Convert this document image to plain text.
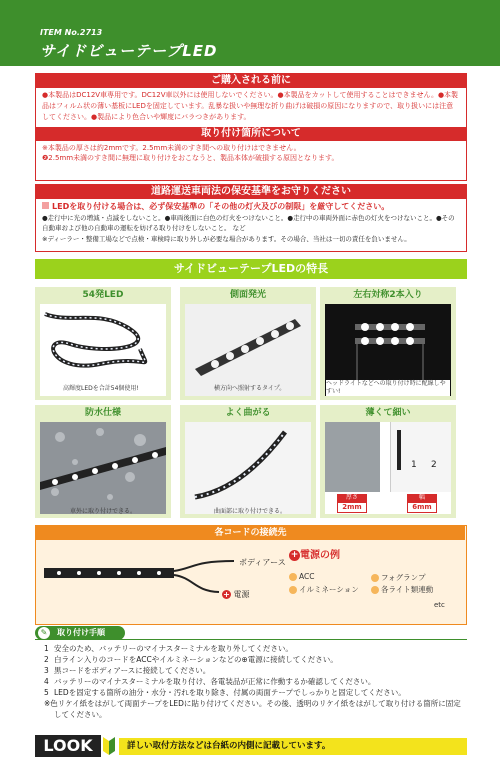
ITEM No.2713
サイドビューテープLED
ご購入される前に
●本製品はDC12V車専用です。DC12V車以外には使用しないでください。●本製品をカットして使用することはできません。●本製品はフィルム状の薄い基板にLEDを固定しています。乱暴な扱いや無理な折り曲げは破損の原因になりますので、取り扱いには注意してください。●製品により色合いや輝度にバラつきがあります。
取り付け箇所について
※本製品の厚さは約2mmです。2.5mm未満のすき間への取り付けはできません。
❷2.5mm未満のすき間に無理に取り付けをおこなうと、製品本体が破損する原因となります。
道路運送車両法の保安基準をお守りください
LEDを取り付ける場合は、必ず保安基準の「その他の灯火及びの制限」を厳守してください。
●走行中に光の増減・点滅をしないこと。●車両後面に白色の灯火をつけないこと。●走行中の車両外面に赤色の灯火をつけないこと。●その自動車および他の自動車の運転を妨げる取り付けをしないこと。 など
※ディーラー・整備工場などで点検・車検時に取り外しが必要な場合があります。その場合、当社は一切の責任を負いません。
サイドビューテープLEDの特長
54発LED
高輝度LEDを合計54個使用!
側面発光
横方向へ照射するタイプ。
左右対称2本入り
ヘッドライトなどへの取り付け時に配線しやすい!
防水仕様
車外に取り付けできる。
よく曲がる
曲面部に取り付けできる。
薄くて細い
1 2
厚さ
2mm
幅
6mm
各コードの接続先
ボディアース
+ 電源
+ 電源の例
ACC	フォグランプ
イルミネーション	各ライト類連動
etc
✎	取り付け手順
1 安全のため、バッテリーのマイナスターミナルを取り外してください。
2 白ライン入りのコードをACCやイルミネーションなどの⊕電源に接続してください。
3 黒コードをボディアースに接続してください。
4 バッテリーのマイナスターミナルを取り付け、各電装品が正常に作動するか確認してください。
5 LEDを固定する箇所の油分・水分・汚れを取り除き、付属の両面テープでしっかりと固定してください。
※色リケイ紙をはがして両面テープをLEDに貼り付けてください。その後、透明のリケイ紙をはがして取り付ける箇所に固定してください。
LOOK	詳しい取付方法などは台紙の内側に記載しています。
